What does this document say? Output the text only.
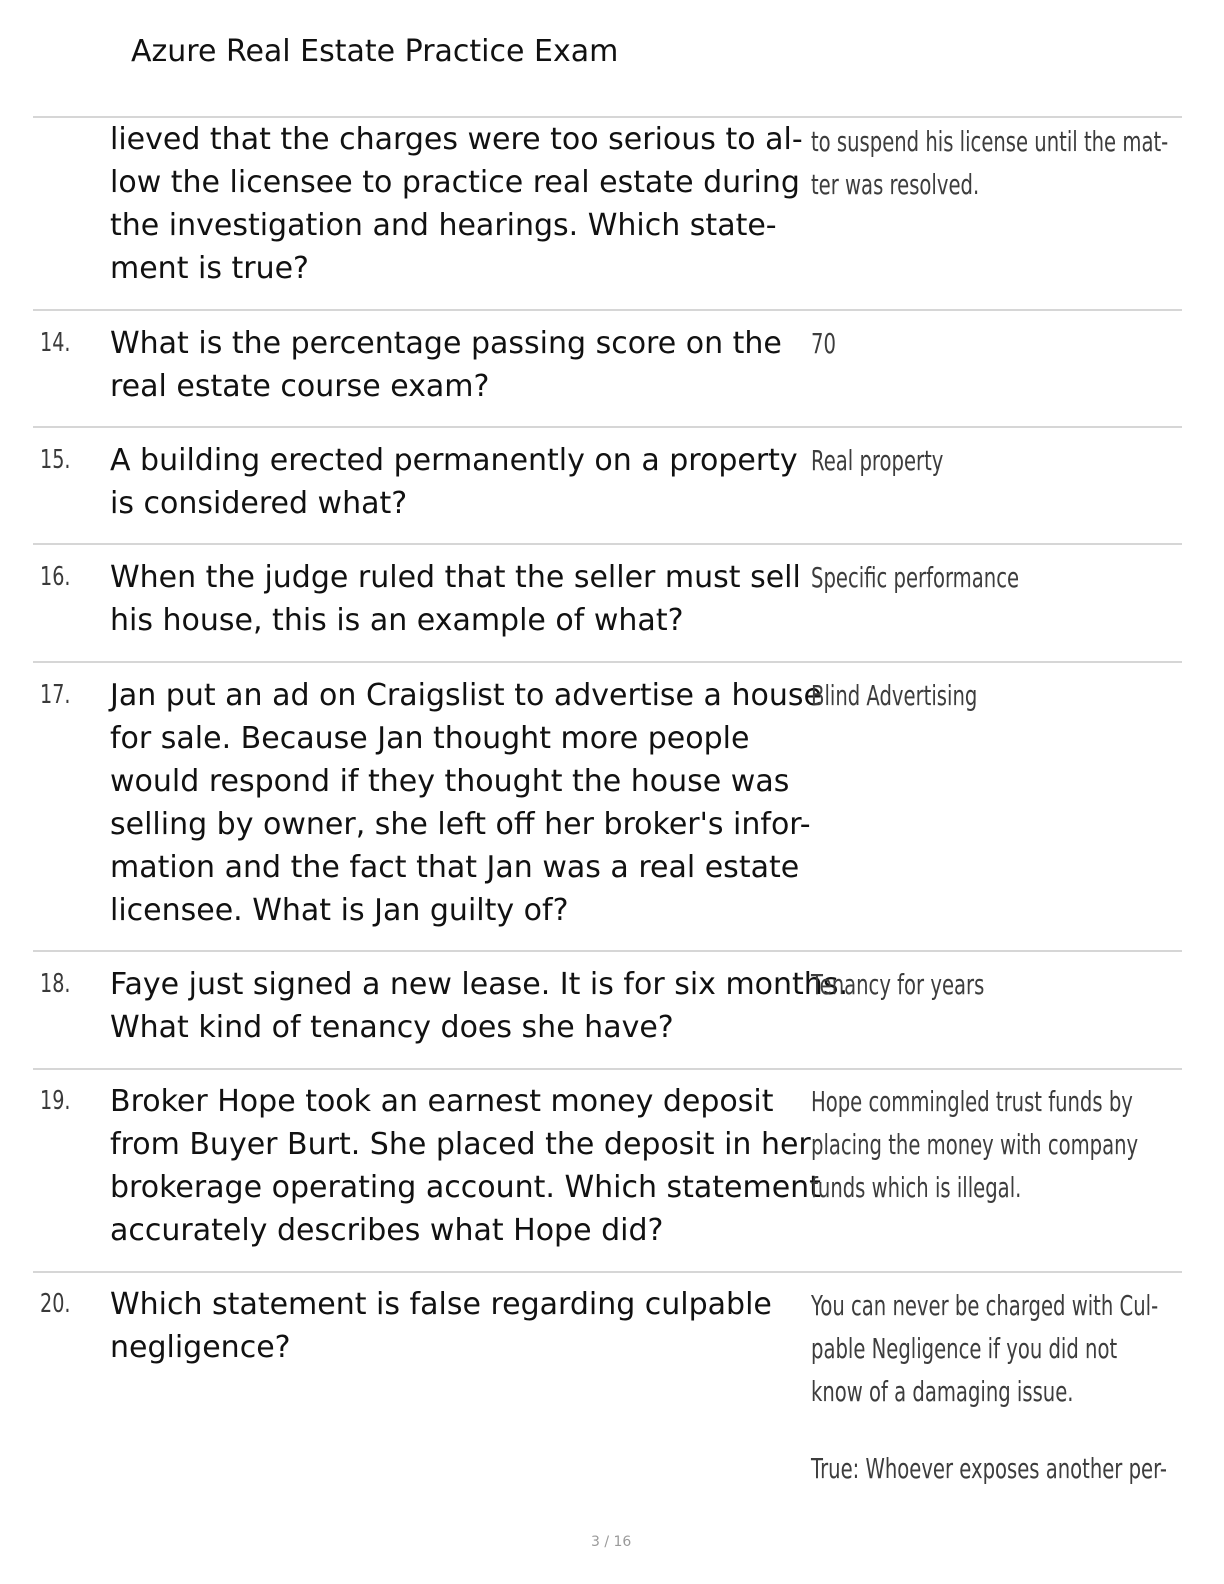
Azure Real Estate Practice Exam
lieved that the charges were too serious to al-
low the licensee to practice real estate during
the investigation and hearings. Which state-
ment is true?
to suspend his license until the mat-
ter was resolved.
14. What is the percentage passing score on the
real estate course exam?
70
15. A building erected permanently on a property
is considered what?
Real property
16. When the judge ruled that the seller must sell
his house, this is an example of what?
Specific performance
17. Jan put an ad on Craigslist to advertise a house
for sale. Because Jan thought more people
would respond if they thought the house was
selling by owner, she left off her broker's infor-
mation and the fact that Jan was a real estate
licensee. What is Jan guilty of?
Blind Advertising
18. Faye just signed a new lease. It is for six months.
What kind of tenancy does she have?
Tenancy for years
19. Broker Hope took an earnest money deposit
from Buyer Burt. She placed the deposit in her
brokerage operating account. Which statement
accurately describes what Hope did?
Hope commingled trust funds by
placing the money with company
funds which is illegal.
20. Which statement is false regarding culpable
negligence?
You can never be charged with Cul-
pable Negligence if you did not
know of a damaging issue.
True: Whoever exposes another per-
3 / 16
